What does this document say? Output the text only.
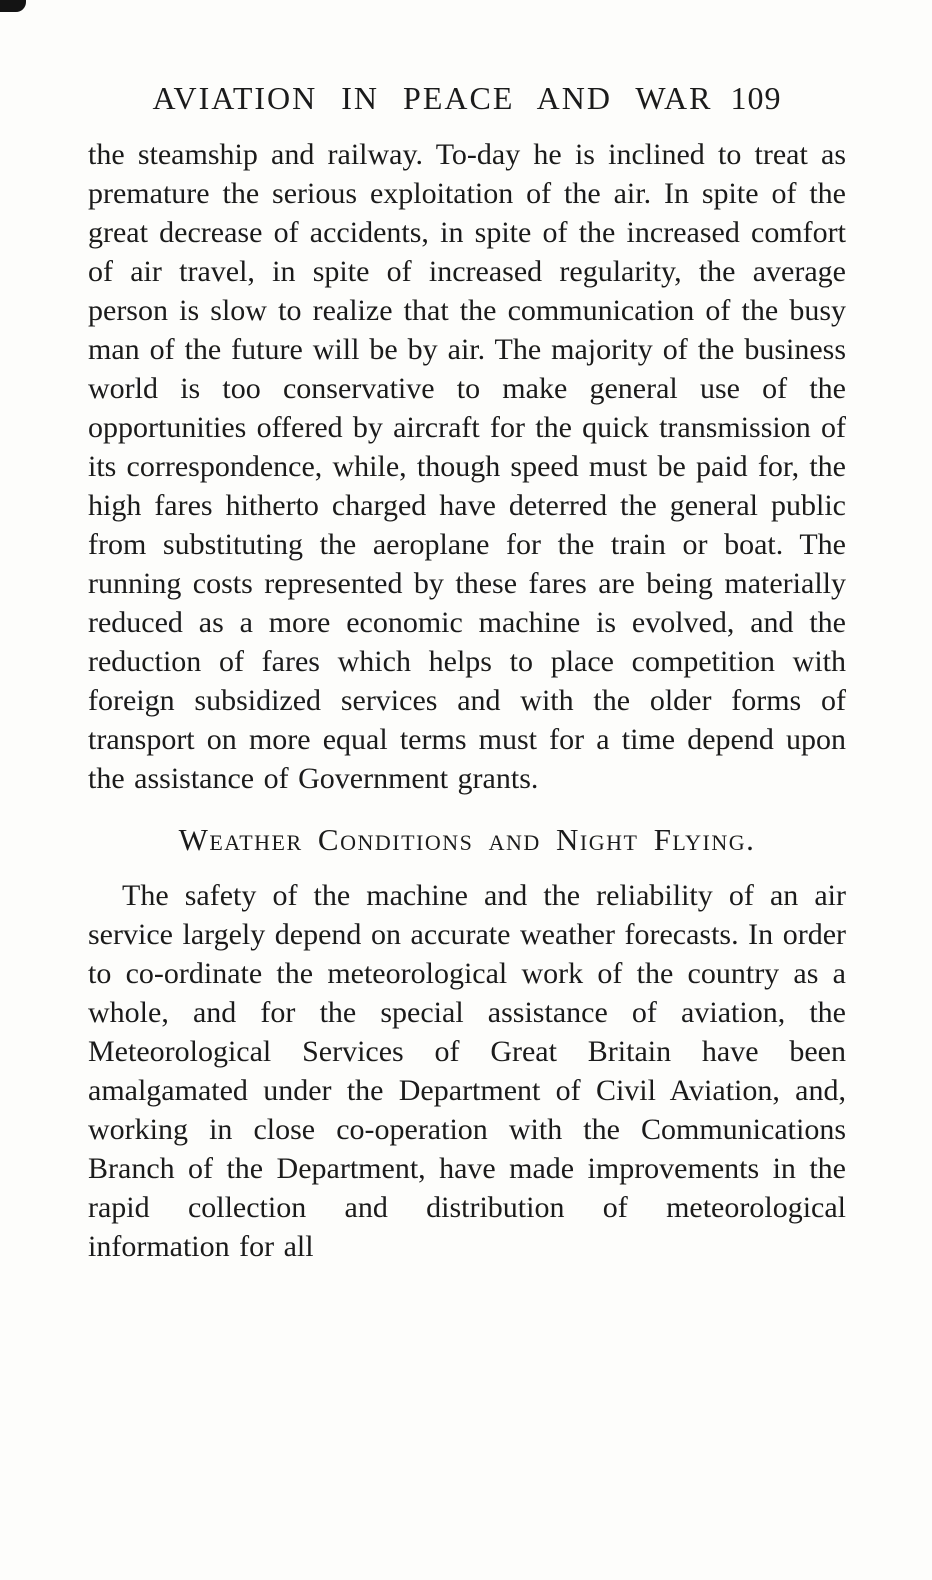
AVIATION IN PEACE AND WAR 109

the steamship and railway. To-day he is inclined to treat as premature the serious exploitation of the air. In spite of the great decrease of accidents, in spite of the increased comfort of air travel, in spite of increased regularity, the average person is slow to realize that the communication of the busy man of the future will be by air. The majority of the business world is too conservative to make general use of the opportunities offered by aircraft for the quick transmission of its correspondence, while, though speed must be paid for, the high fares hitherto charged have deterred the general public from substituting the aeroplane for the train or boat. The running costs represented by these fares are being materially reduced as a more economic machine is evolved, and the reduction of fares which helps to place competition with foreign subsidized services and with the older forms of transport on more equal terms must for a time depend upon the assistance of Government grants.

Weather Conditions and Night Flying.

The safety of the machine and the reliability of an air service largely depend on accurate weather forecasts. In order to co-ordinate the meteorological work of the country as a whole, and for the special assistance of aviation, the Meteorological Services of Great Britain have been amalgamated under the Department of Civil Aviation, and, working in close co-operation with the Communications Branch of the Department, have made improvements in the rapid collection and distribution of meteorological information for all
